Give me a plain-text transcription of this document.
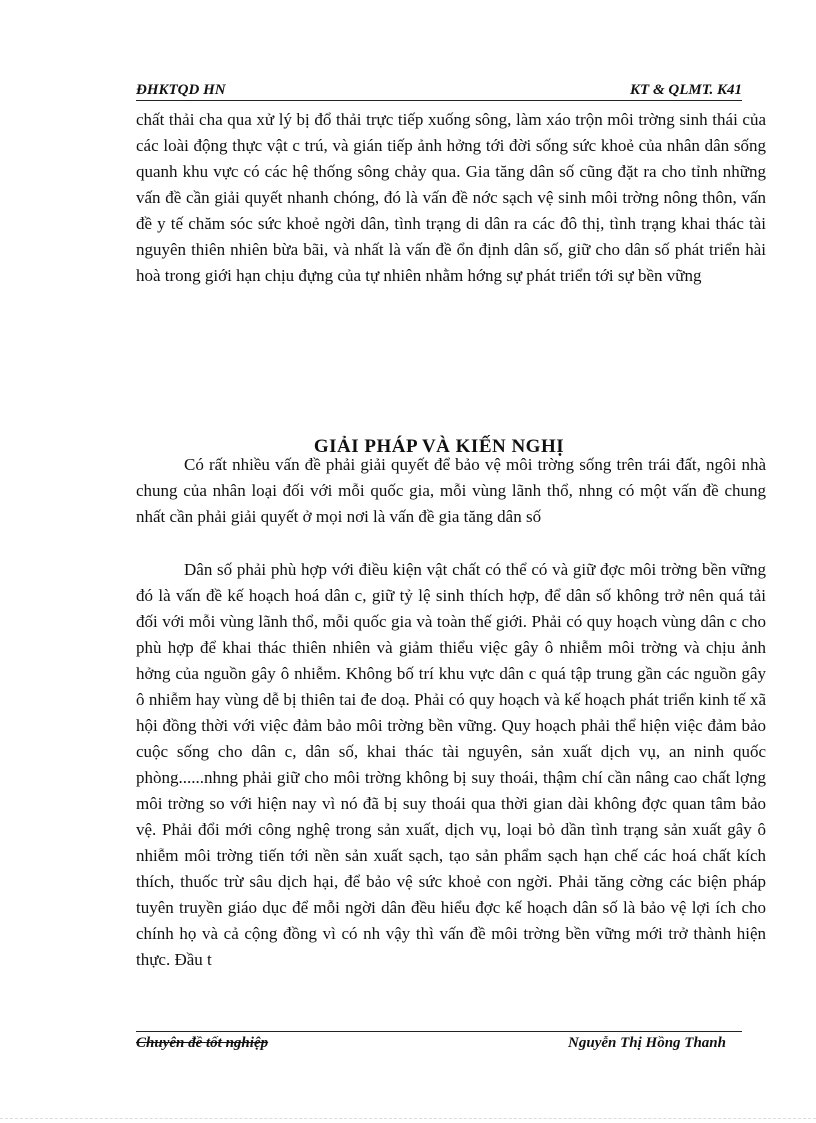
ĐHKTQD HN	KT & QLMT. K41
chất thải cha qua xử lý bị đổ thải trực tiếp xuống sông, làm xáo trộn môi trờng sinh thái của các loài động thực vật c trú, và gián tiếp ảnh hởng tới đời sống sức khoẻ của nhân dân sống quanh khu vực có các hệ thống sông chảy qua. Gia tăng dân số cũng đặt ra cho tỉnh những vấn đề cần giải quyết nhanh chóng, đó là vấn đề nớc sạch vệ sinh môi trờng nông thôn, vấn đề y tế chăm sóc sức khoẻ ngời dân, tình trạng di dân ra các đô thị, tình trạng khai thác tài nguyên thiên nhiên bừa bãi, và nhất là vấn đề ổn định dân số, giữ cho dân số phát triển hài hoà trong giới hạn chịu đựng của tự nhiên nhằm hớng sự phát triển tới sự bền vững
GIẢI PHÁP VÀ KIẾN NGHỊ
Có rất nhiều vấn đề phải giải quyết để bảo vệ môi trờng sống trên trái đất, ngôi nhà chung của nhân loại đối với mỗi quốc gia, mỗi vùng lãnh thổ, nhng có một vấn đề chung nhất cần phải giải quyết ở mọi nơi là vấn đề gia tăng dân số
Dân số phải phù hợp với điều kiện vật chất có thể có và giữ đợc môi trờng bền vững đó là vấn đề kế hoạch hoá dân c, giữ tỷ lệ sinh thích hợp, để dân số không trở nên quá tải đối với mỗi vùng lãnh thổ, mỗi quốc gia và toàn thế giới. Phải có quy hoạch vùng dân c cho phù hợp để khai thác thiên nhiên và giảm thiểu việc gây ô nhiễm môi trờng và chịu ảnh hởng của nguồn gây ô nhiễm. Không bố trí khu vực dân c quá tập trung gần các nguồn gây ô nhiễm hay vùng dễ bị thiên tai đe doạ. Phải có quy hoạch và kế hoạch phát triển kinh tế xã hội đồng thời với việc đảm bảo môi trờng bền vững. Quy hoạch phải thể hiện việc đảm bảo cuộc sống cho dân c, dân số, khai thác tài nguyên, sản xuất dịch vụ, an ninh quốc phòng......nhng phải giữ cho môi trờng không bị suy thoái, thậm chí cần nâng cao chất lợng môi trờng so với hiện nay vì nó đã bị suy thoái qua thời gian dài không đợc quan tâm bảo vệ. Phải đổi mới công nghệ trong sản xuất, dịch vụ, loại bỏ dần tình trạng sản xuất gây ô nhiễm môi trờng tiến tới nền sản xuất sạch, tạo sản phẩm sạch hạn chế các hoá chất kích thích, thuốc trừ sâu dịch hại, để bảo vệ sức khoẻ con ngời. Phải tăng cờng các biện pháp tuyên truyền giáo dục để mỗi ngời dân đều hiểu đợc kế hoạch dân số là bảo vệ lợi ích cho chính họ và cả cộng đồng vì có nh vậy thì vấn đề môi trờng bền vững mới trở thành hiện thực. Đầu t
Chuyên đề tốt nghiệp	Nguyễn Thị Hồng Thanh
